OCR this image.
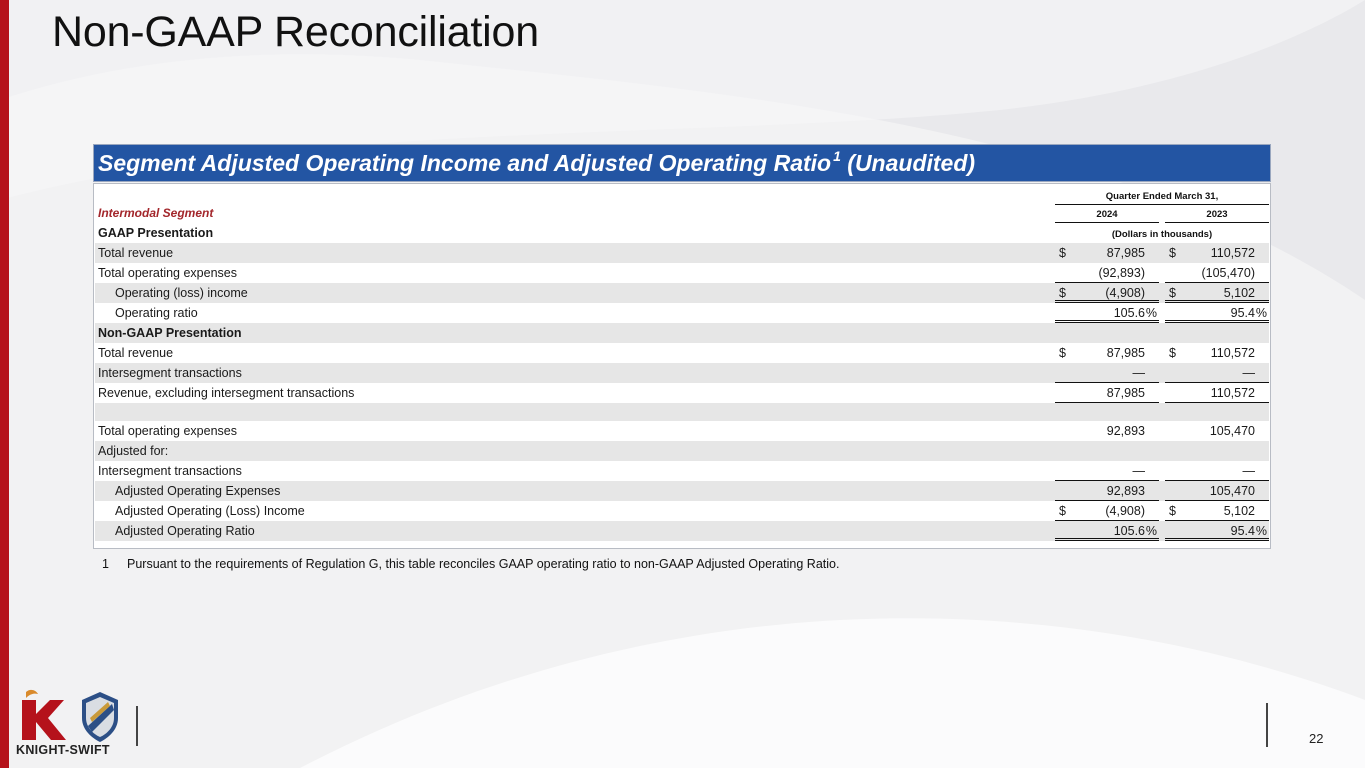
Non-GAAP Reconciliation
Segment Adjusted Operating Income and Adjusted Operating Ratio $^1$ (Unaudited)
Quarter Ended March 31,
Intermodal Segment	2024	2023
(Dollars in thousands)
GAAP Presentation
Total revenue	$	87,985 $	110,572
Total operating expenses	(92,893)	(105,470)
Operating (loss) income	$	(4,908) $	5,102
Operating ratio	105.6 %	95.4 %
Non-GAAP Presentation
Total revenue	$	87,985 $	110,572
Intersegment transactions	—	—
Revenue, excluding intersegment transactions	87,985	110,572
Total operating expenses	92,893	105,470
Adjusted for:
Intersegment transactions	—	—
Adjusted Operating Expenses	92,893	105,470
Adjusted Operating (Loss) Income	$	(4,908) $	5,102
Adjusted Operating Ratio	105.6 %	95.4 %
1 Pursuant to the requirements of Regulation G, this table reconciles GAAP operating ratio to non-GAAP Adjusted Operating Ratio.
KNIGHT-SWIFT
22
